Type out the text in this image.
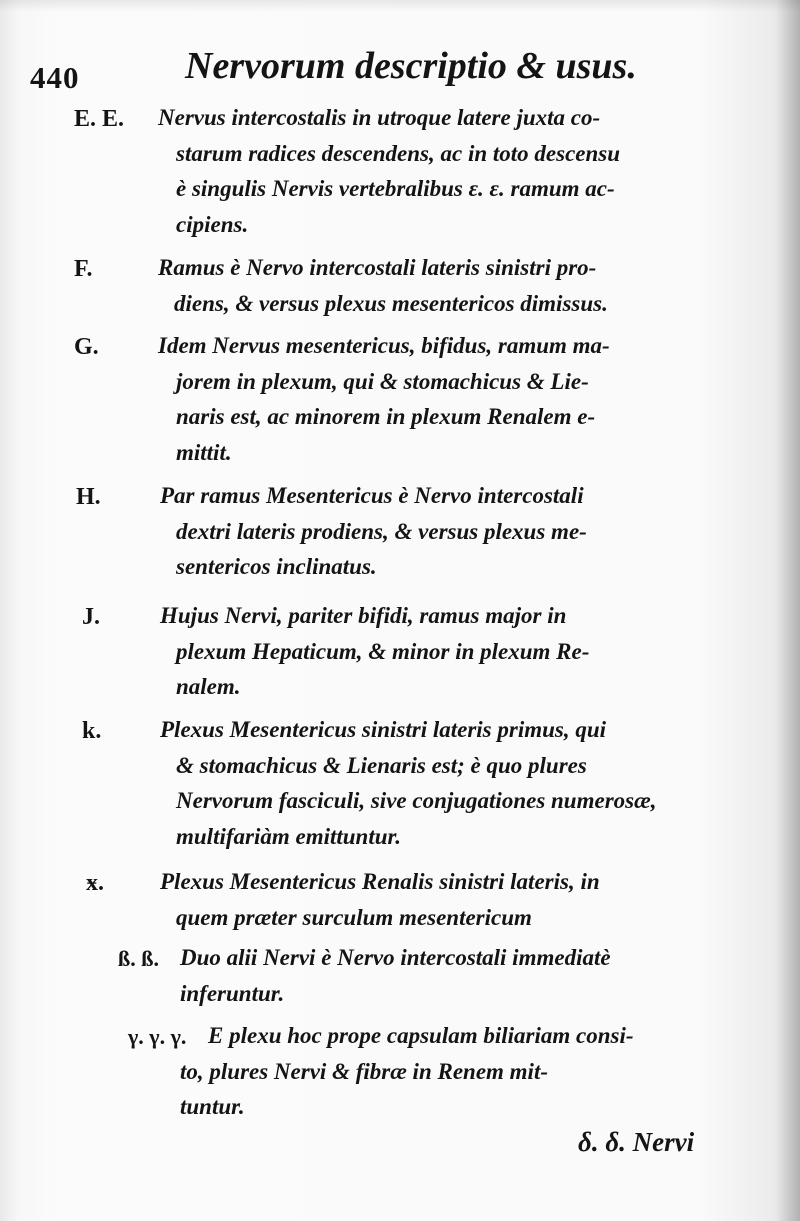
440	Nervorum descriptio & usus.
E. E. Nervus intercostalis in utroque latere juxta co-
starum radices descendens, ac in toto descensu
è singulis Nervis vertebralibus ε. ε. ramum ac-
cipiens.
F.	Ramus è Nervo intercostali lateris sinistri pro-
diens, & versus plexus mesentericos dimissus.
G.	Idem Nervus mesentericus, bifidus, ramum ma-
jorem in plexum, qui & stomachicus & Lie-
naris est, ac minorem in plexum Renalem e-
mittit.
H.	Par ramus Mesentericus è Nervo intercostali
dextri lateris prodiens, & versus plexus me-
sentericos inclinatus.
J.	Hujus Nervi, pariter bifidi, ramus major in
plexum Hepaticum, & minor in plexum Re-
nalem.
k.	Plexus Mesentericus sinistri lateris primus, qui
& stomachicus & Lienaris est; è quo plures
Nervorum fasciculi, sive conjugationes numerosæ,
multifariàm emittuntur.
ӿ. Plexus Mesentericus Renalis sinistri lateris, in
quem præter surculum mesentericum
ß. ß. Duo alii Nervi è Nervo intercostali immediatè
inferuntur.
γ. γ. γ. E plexu hoc prope capsulam biliariam consi-
to, plures Nervi & fibræ in Renem mit-
tuntur.
δ. δ. Nervi
